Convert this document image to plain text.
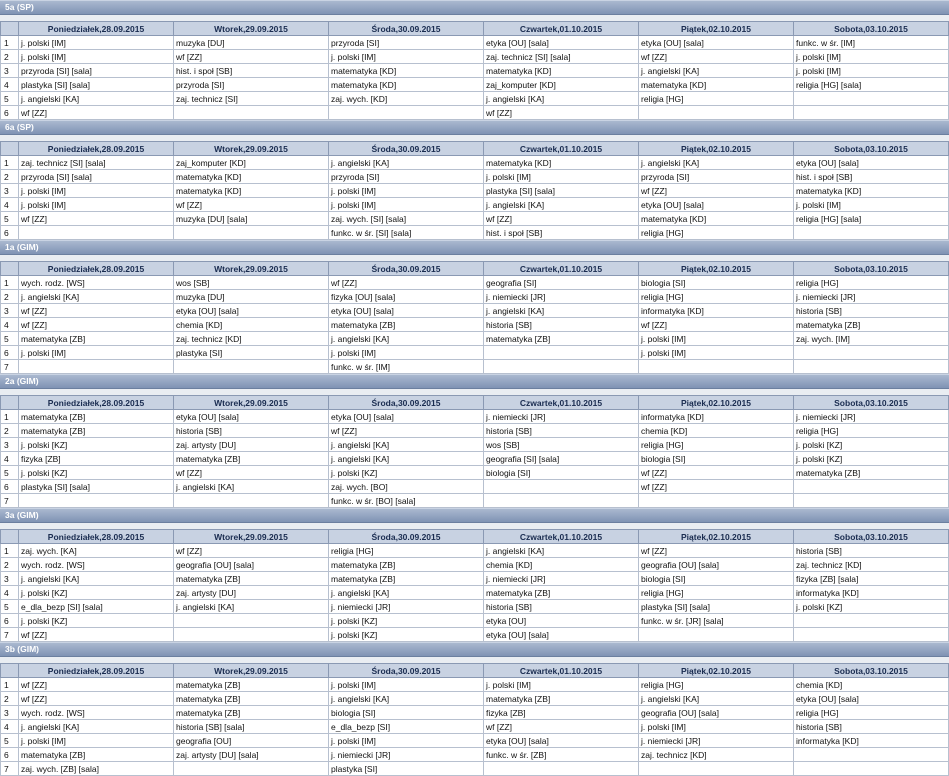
5a (SP)
	Poniedziałek,28.09.2015	Wtorek,29.09.2015	Środa,30.09.2015	Czwartek,01.10.2015	Piątek,02.10.2015	Sobota,03.10.2015
1	j. polski [IM]	muzyka [DU]	przyroda [SI]	etyka [OU] [sala]	etyka [OU] [sala]	funkc. w śr. [IM]
2	j. polski [IM]	wf [ZZ]	j. polski [IM]	zaj. technicz [SI] [sala]	wf [ZZ]	j. polski [IM]
3	przyroda [SI] [sala]	hist. i społ [SB]	matematyka [KD]	matematyka [KD]	j. angielski [KA]	j. polski [IM]
4	plastyka [SI] [sala]	przyroda [SI]	matematyka [KD]	zaj_komputer [KD]	matematyka [KD]	religia [HG] [sala]
5	j. angielski [KA]	zaj. technicz [SI]	zaj. wych. [KD]	j. angielski [KA]	religia [HG]	
6	wf [ZZ]			wf [ZZ]		
6a (SP)
	Poniedziałek,28.09.2015	Wtorek,29.09.2015	Środa,30.09.2015	Czwartek,01.10.2015	Piątek,02.10.2015	Sobota,03.10.2015
1	zaj. technicz [SI] [sala]	zaj_komputer [KD]	j. angielski [KA]	matematyka [KD]	j. angielski [KA]	etyka [OU] [sala]
2	przyroda [SI] [sala]	matematyka [KD]	przyroda [SI]	j. polski [IM]	przyroda [SI]	hist. i społ [SB]
3	j. polski [IM]	matematyka [KD]	j. polski [IM]	plastyka [SI] [sala]	wf [ZZ]	matematyka [KD]
4	j. polski [IM]	wf [ZZ]	j. polski [IM]	j. angielski [KA]	etyka [OU] [sala]	j. polski [IM]
5	wf [ZZ]	muzyka [DU] [sala]	zaj. wych. [SI] [sala]	wf [ZZ]	matematyka [KD]	religia [HG] [sala]
6			funkc. w śr. [SI] [sala]	hist. i społ [SB]	religia [HG]	
1a (GIM)
	Poniedziałek,28.09.2015	Wtorek,29.09.2015	Środa,30.09.2015	Czwartek,01.10.2015	Piątek,02.10.2015	Sobota,03.10.2015
1	wych. rodz. [WS]	wos [SB]	wf [ZZ]	geografia [SI]	biologia [SI]	religia [HG]
2	j. angielski [KA]	muzyka [DU]	fizyka [OU] [sala]	j. niemiecki [JR]	religia [HG]	j. niemiecki [JR]
3	wf [ZZ]	etyka [OU] [sala]	etyka [OU] [sala]	j. angielski [KA]	informatyka [KD]	historia [SB]
4	wf [ZZ]	chemia [KD]	matematyka [ZB]	historia [SB]	wf [ZZ]	matematyka [ZB]
5	matematyka [ZB]	zaj. technicz [KD]	j. angielski [KA]	matematyka [ZB]	j. polski [IM]	zaj. wych. [IM]
6	j. polski [IM]	plastyka [SI]	j. polski [IM]		j. polski [IM]	
7			funkc. w śr. [IM]			
2a (GIM)
	Poniedziałek,28.09.2015	Wtorek,29.09.2015	Środa,30.09.2015	Czwartek,01.10.2015	Piątek,02.10.2015	Sobota,03.10.2015
1	matematyka [ZB]	etyka [OU] [sala]	etyka [OU] [sala]	j. niemiecki [JR]	informatyka [KD]	j. niemiecki [JR]
2	matematyka [ZB]	historia [SB]	wf [ZZ]	historia [SB]	chemia [KD]	religia [HG]
3	j. polski [KZ]	zaj. artysty [DU]	j. angielski [KA]	wos [SB]	religia [HG]	j. polski [KZ]
4	fizyka [ZB]	matematyka [ZB]	j. angielski [KA]	geografia [SI] [sala]	biologia [SI]	j. polski [KZ]
5	j. polski [KZ]	wf [ZZ]	j. polski [KZ]	biologia [SI]	wf [ZZ]	matematyka [ZB]
6	plastyka [SI] [sala]	j. angielski [KA]	zaj. wych. [BO]		wf [ZZ]	
7			funkc. w śr. [BO] [sala]			
3a (GIM)
	Poniedziałek,28.09.2015	Wtorek,29.09.2015	Środa,30.09.2015	Czwartek,01.10.2015	Piątek,02.10.2015	Sobota,03.10.2015
1	zaj. wych. [KA]	wf [ZZ]	religia [HG]	j. angielski [KA]	wf [ZZ]	historia [SB]
2	wych. rodz. [WS]	geografia [OU] [sala]	matematyka [ZB]	chemia [KD]	geografia [OU] [sala]	zaj. technicz [KD]
3	j. angielski [KA]	matematyka [ZB]	matematyka [ZB]	j. niemiecki [JR]	biologia [SI]	fizyka [ZB] [sala]
4	j. polski [KZ]	zaj. artysty [DU]	j. angielski [KA]	matematyka [ZB]	religia [HG]	informatyka [KD]
5	e_dla_bezp [SI] [sala]	j. angielski [KA]	j. niemiecki [JR]	historia [SB]	plastyka [SI] [sala]	j. polski [KZ]
6	j. polski [KZ]		j. polski [KZ]	etyka [OU]	funkc. w śr. [JR] [sala]	
7	wf [ZZ]		j. polski [KZ]	etyka [OU] [sala]		
3b (GIM)
	Poniedziałek,28.09.2015	Wtorek,29.09.2015	Środa,30.09.2015	Czwartek,01.10.2015	Piątek,02.10.2015	Sobota,03.10.2015
1	wf [ZZ]	matematyka [ZB]	j. polski [IM]	j. polski [IM]	religia [HG]	chemia [KD]
2	wf [ZZ]	matematyka [ZB]	j. angielski [KA]	matematyka [ZB]	j. angielski [KA]	etyka [OU] [sala]
3	wych. rodz. [WS]	matematyka [ZB]	biologia [SI]	fizyka [ZB]	geografia [OU] [sala]	religia [HG]
4	j. angielski [KA]	historia [SB] [sala]	e_dla_bezp [SI]	wf [ZZ]	j. polski [IM]	historia [SB]
5	j. polski [IM]	geografia [OU]	j. polski [IM]	etyka [OU] [sala]	j. niemiecki [JR]	informatyka [KD]
6	matematyka [ZB]	zaj. artysty [DU] [sala]	j. niemiecki [JR]	funkc. w śr. [ZB]	zaj. technicz [KD]	
7	zaj. wych. [ZB] [sala]		plastyka [SI]			
